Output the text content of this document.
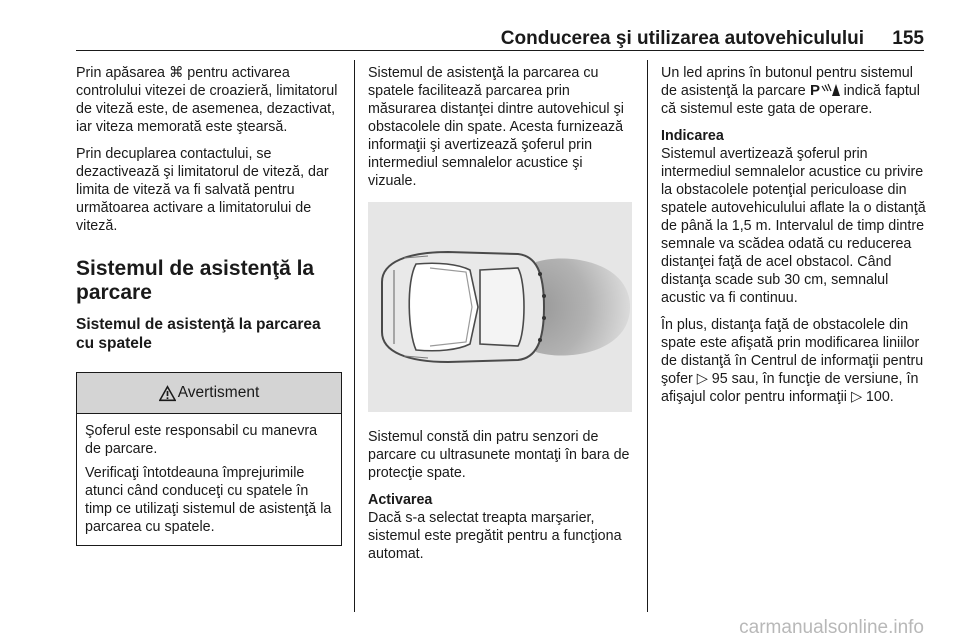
Conducerea şi utilizarea autovehiculului 155

Prin apăsarea ⌘ pentru activarea controlului vitezei de croazieră, limitatorul de viteză este, de asemenea, dezactivat, iar viteza memorată este ştearsă.

Prin decuplarea contactului, se dezactivează şi limitatorul de viteză, dar limita de viteză va fi salvată pentru următoarea activare a limitatorului de viteză.

Sistemul de asistenţă la parcare
Sistemul de asistenţă la parcarea cu spatele
Avertisment

Şoferul este responsabil cu manevra de parcare.

Verificaţi întotdeauna împrejurimile atunci când conduceţi cu spatele în timp ce utilizaţi sistemul de asistenţă la parcarea cu spatele.

Sistemul de asistenţă la parcarea cu spatele facilitează parcarea prin măsurarea distanţei dintre autovehicul şi obstacolele din spate. Acesta furnizează informaţii şi avertizează şoferul prin intermediul semnalelor acustice şi vizuale.

Sistemul constă din patru senzori de parcare cu ultrasunete montaţi în bara de protecţie spate.

Activarea

Dacă s-a selectat treapta marşarier, sistemul este pregătit pentru a funcţiona automat.

Un led aprins în butonul pentru sistemul de asistenţă la parcare P indică faptul că sistemul este gata de operare.

Indicarea

Sistemul avertizează şoferul prin intermediul semnalelor acustice cu privire la obstacolele potenţial periculoase din spatele autovehiculului aflate la o distanţă de până la 1,5 m. Intervalul de timp dintre semnale va scădea odată cu reducerea distanţei faţă de acel obstacol. Când distanţa scade sub 30 cm, semnalul acustic va fi continuu.

În plus, distanţa faţă de obstacolele din spate este afişată prin modificarea liniilor de distanţă în Centrul de informaţii pentru şofer ▷ 95 sau, în funcţie de versiune, în afişajul color pentru informaţii ▷ 100.

carmanualsonline.info
